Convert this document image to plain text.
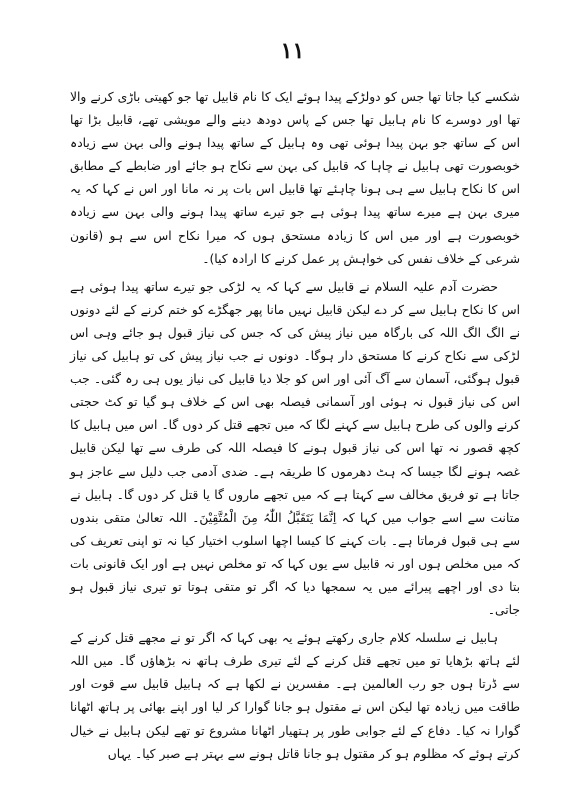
۱۱

شکسے کیا جاتا تھا جس کو دولڑکے پیدا ہوئے ایک کا نام قابیل تھا جو کھیتی باڑی کرنے والا تھا اور دوسرے کا نام ہابیل تھا جس کے پاس دودھ دینے والے مویشی تھے، قابیل بڑا تھا اس کے ساتھ جو بہن پیدا ہوئی تھی وہ ہابیل کے ساتھ پیدا ہونے والی بہن سے زیادہ خوبصورت تھی ہابیل نے چاہا کہ قابیل کی بہن سے نکاح ہو جائے اور ضابطے کے مطابق اس کا نکاح ہابیل سے ہی ہونا چاہئے تھا قابیل اس بات پر نہ مانا اور اس نے کہا کہ یہ میری بہن ہے میرے ساتھ پیدا ہوئی ہے جو تیرے ساتھ پیدا ہونے والی بہن سے زیادہ خوبصورت ہے اور میں اس کا زیادہ مستحق ہوں کہ میرا نکاح اس سے ہو (قانون شرعی کے خلاف نفس کی خواہش پر عمل کرنے کا ارادہ کیا)۔

حضرت آدم علیہ السلام نے قابیل سے کہا کہ یہ لڑکی جو تیرے ساتھ پیدا ہوئی ہے اس کا نکاح ہابیل سے کر دے لیکن قابیل نہیں مانا پھر جھگڑے کو ختم کرنے کے لئے دونوں نے الگ الگ اللہ کی بارگاہ میں نیاز پیش کی کہ جس کی نیاز قبول ہو جائے وہی اس لڑکی سے نکاح کرنے کا مستحق دار ہوگا۔ دونوں نے جب نیاز پیش کی تو ہابیل کی نیاز قبول ہوگئی، آسمان سے آگ آئی اور اس کو جلا دیا قابیل کی نیاز یوں ہی رہ گئی۔ جب اس کی نیاز قبول نہ ہوئی اور آسمانی فیصلہ بھی اس کے خلاف ہو گیا تو کٹ حجتی کرنے والوں کی طرح ہابیل سے کہنے لگا کہ میں تجھے قتل کر دوں گا۔ اس میں ہابیل کا کچھ قصور نہ تھا اس کی نیاز قبول ہونے کا فیصلہ اللہ کی طرف سے تھا لیکن قابیل غصہ ہونے لگا جیسا کہ ہٹ دھرموں کا طریقہ ہے۔ ضدی آدمی جب دلیل سے عاجز ہو جاتا ہے تو فریق مخالف سے کہتا ہے کہ میں تجھے ماروں گا یا قتل کر دوں گا۔ ہابیل نے متانت سے اسے جواب میں کہا کہ اِنَّمَا یَتَقَبَّلُ اللّٰہُ مِنَ الْمُتَّقِیْنَ۔ اللہ تعالیٰ متقی بندوں سے ہی قبول فرماتا ہے۔ بات کہنے کا کیسا اچھا اسلوب اختیار کیا نہ تو اپنی تعریف کی کہ میں مخلص ہوں اور نہ قابیل سے یوں کہا کہ تو مخلص نہیں ہے اور ایک قانونی بات بتا دی اور اچھے پیرائے میں یہ سمجھا دیا کہ اگر تو متقی ہوتا تو تیری نیاز قبول ہو جاتی۔

ہابیل نے سلسلہ کلام جاری رکھتے ہوئے یہ بھی کہا کہ اگر تو نے مجھے قتل کرنے کے لئے ہاتھ بڑھایا تو میں تجھے قتل کرنے کے لئے تیری طرف ہاتھ نہ بڑھاؤں گا۔ میں اللہ سے ڈرتا ہوں جو رب العالمین ہے۔ مفسرین نے لکھا ہے کہ ہابیل قابیل سے قوت اور طاقت میں زیادہ تھا لیکن اس نے مقتول ہو جانا گوارا کر لیا اور اپنے بھائی پر ہاتھ اٹھانا گوارا نہ کیا۔ دفاع کے لئے جوابی طور پر ہتھیار اٹھانا مشروع تو تھے لیکن ہابیل نے خیال کرتے ہوئے کہ مظلوم ہو کر مقتول ہو جانا قاتل ہونے سے بہتر ہے صبر کیا۔ یہاں
